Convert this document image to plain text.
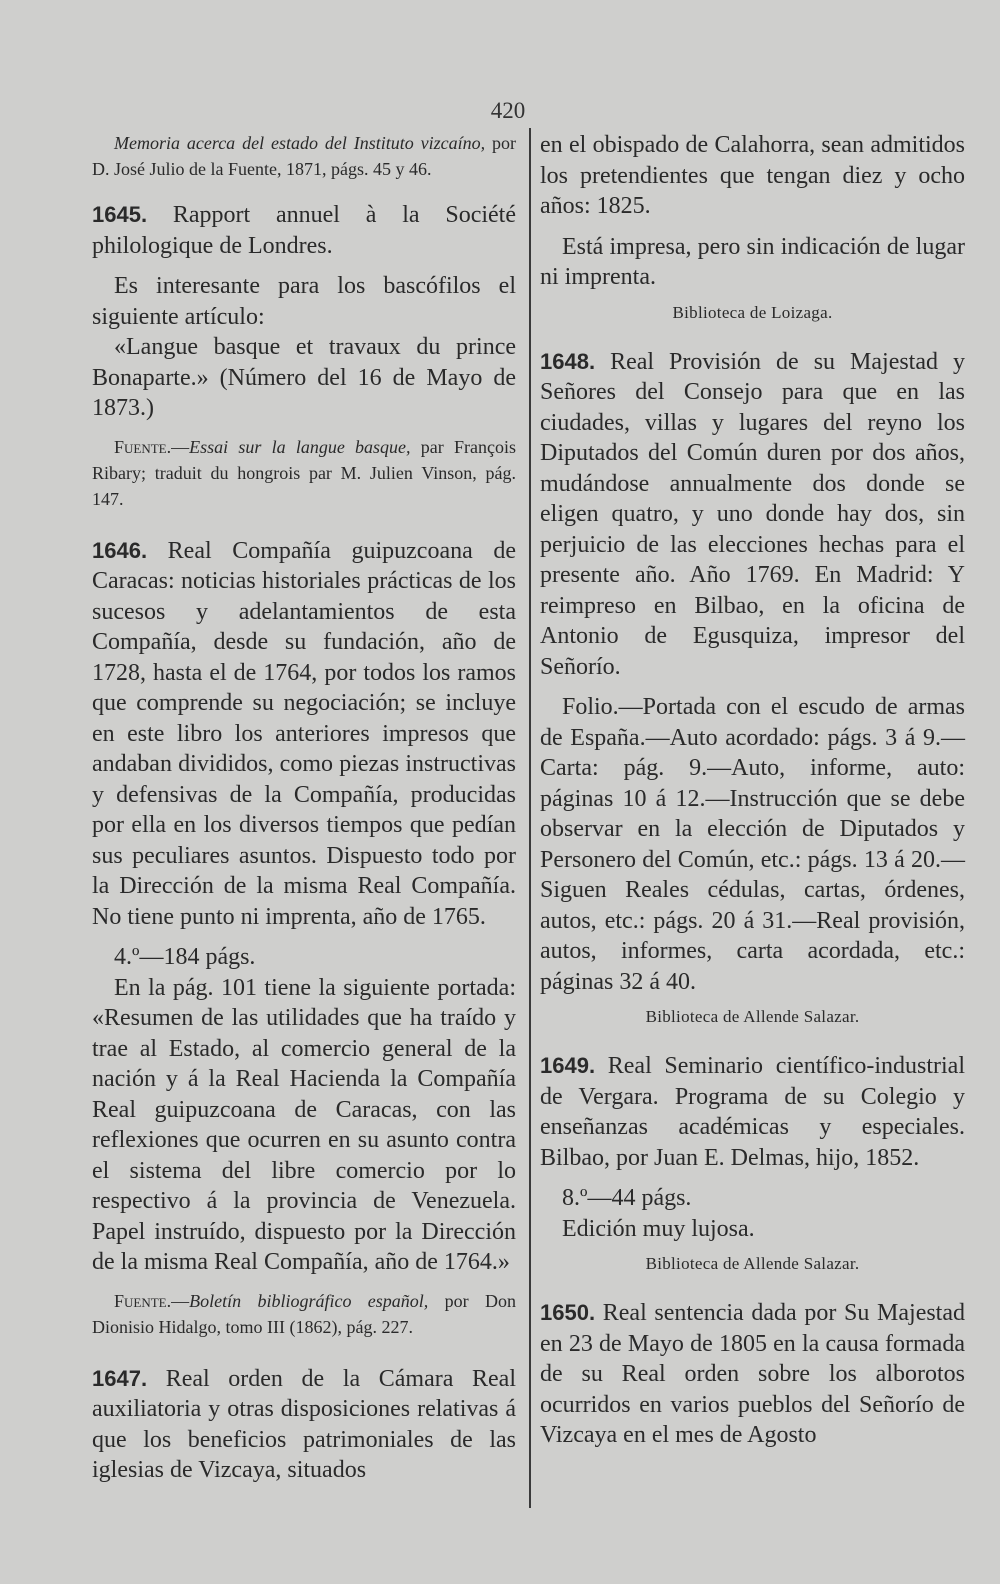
420

Memoria acerca del estado del Instituto vizcaíno, por D. José Julio de la Fuente, 1871, págs. 45 y 46.

1645. Rapport annuel à la Société philologique de Londres.

Es interesante para los bascófilos el siguiente artículo:

«Langue basque et travaux du prince Bonaparte.» (Número del 16 de Mayo de 1873.)

Fuente.—Essai sur la langue basque, par François Ribary; traduit du hongrois par M. Julien Vinson, pág. 147.

1646. Real Compañía guipuzcoana de Caracas: noticias historiales prácticas de los sucesos y adelantamientos de esta Compañía, desde su fundación, año de 1728, hasta el de 1764, por todos los ramos que comprende su negociación; se incluye en este libro los anteriores impresos que andaban divididos, como piezas instructivas y defensivas de la Compañía, producidas por ella en los diversos tiempos que pedían sus peculiares asuntos. Dispuesto todo por la Dirección de la misma Real Compañía. No tiene punto ni imprenta, año de 1765.

4.º—184 págs.

En la pág. 101 tiene la siguiente portada: «Resumen de las utilidades que ha traído y trae al Estado, al comercio general de la nación y á la Real Hacienda la Compañía Real guipuzcoana de Caracas, con las reflexiones que ocurren en su asunto contra el sistema del libre comercio por lo respectivo á la provincia de Venezuela. Papel instruído, dispuesto por la Dirección de la misma Real Compañía, año de 1764.»

Fuente.—Boletín bibliográfico español, por Don Dionisio Hidalgo, tomo III (1862), pág. 227.

1647. Real orden de la Cámara Real auxiliatoria y otras disposiciones relativas á que los beneficios patrimoniales de las iglesias de Vizcaya, situados

en el obispado de Calahorra, sean admitidos los pretendientes que tengan diez y ocho años: 1825.

Está impresa, pero sin indicación de lugar ni imprenta.

Biblioteca de Loizaga.

1648. Real Provisión de su Majestad y Señores del Consejo para que en las ciudades, villas y lugares del reyno los Diputados del Común duren por dos años, mudándose annualmente dos donde se eligen quatro, y uno donde hay dos, sin perjuicio de las elecciones hechas para el presente año. Año 1769. En Madrid: Y reimpreso en Bilbao, en la oficina de Antonio de Egusquiza, impresor del Señorío.

Folio.—Portada con el escudo de armas de España.—Auto acordado: págs. 3 á 9.—Carta: pág. 9.—Auto, informe, auto: páginas 10 á 12.—Instrucción que se debe observar en la elección de Diputados y Personero del Común, etc.: págs. 13 á 20.—Siguen Reales cédulas, cartas, órdenes, autos, etc.: págs. 20 á 31.—Real provisión, autos, informes, carta acordada, etc.: páginas 32 á 40.

Biblioteca de Allende Salazar.

1649. Real Seminario científico-industrial de Vergara. Programa de su Colegio y enseñanzas académicas y especiales. Bilbao, por Juan E. Delmas, hijo, 1852.

8.º—44 págs.

Edición muy lujosa.

Biblioteca de Allende Salazar.

1650. Real sentencia dada por Su Majestad en 23 de Mayo de 1805 en la causa formada de su Real orden sobre los alborotos ocurridos en varios pueblos del Señorío de Vizcaya en el mes de Agosto
